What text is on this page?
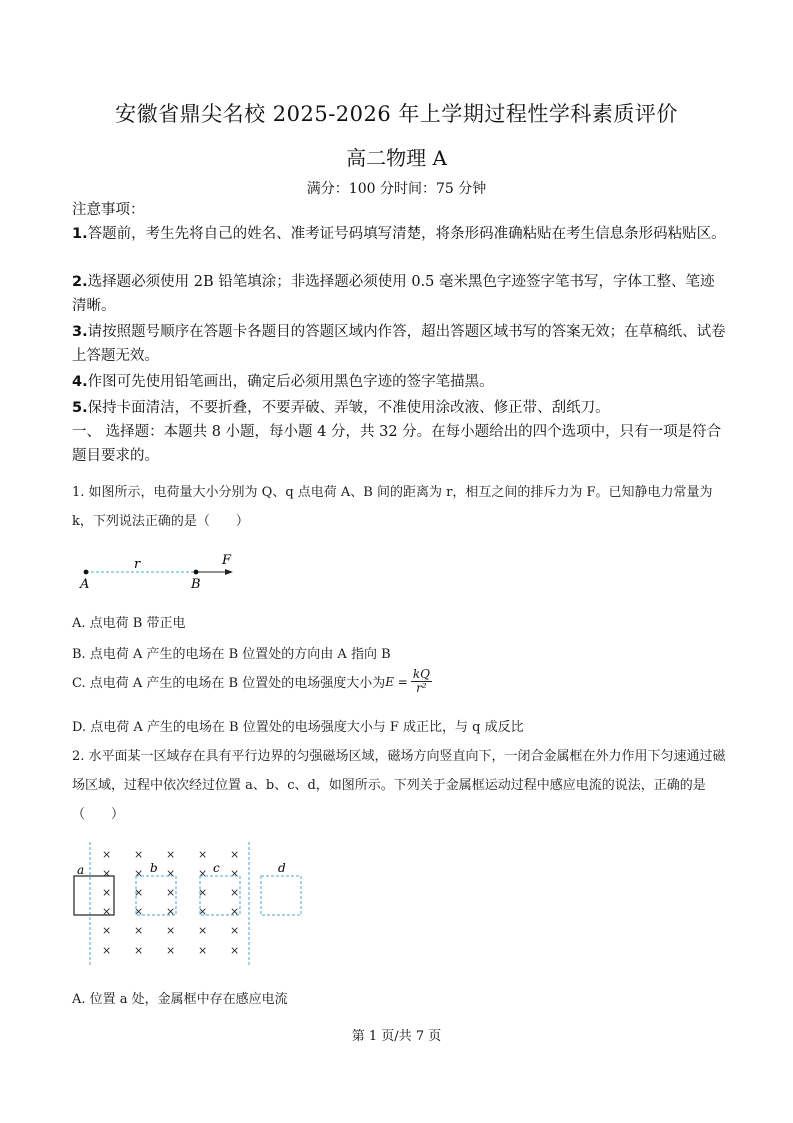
安徽省鼎尖名校 2025-2026 年上学期过程性学科素质评价
高二物理 A
满分：100 分时间：75 分钟
注意事项：
1.答题前，考生先将自己的姓名、准考证号码填写清楚，将条形码准确粘贴在考生信息条形码粘贴区。
2.选择题必须使用 2B 铅笔填涂；非选择题必须使用 0.5 毫米黑色字迹签字笔书写，字体工整、笔迹清晰。
3.请按照题号顺序在答题卡各题目的答题区域内作答，超出答题区域书写的答案无效；在草稿纸、试卷上答题无效。
4.作图可先使用铅笔画出，确定后必须用黑色字迹的签字笔描黑。
5.保持卡面清洁，不要折叠，不要弄破、弄皱，不准使用涂改液、修正带、刮纸刀。
一、 选择题：本题共 8 小题，每小题 4 分，共 32 分。在每小题给出的四个选项中，只有一项是符合题目要求的。
1. 如图所示，电荷量大小分别为 Q、q 点电荷 A、B 间的距离为 r，相互之间的排斥力为 F。已知静电力常量为 k，下列说法正确的是（　　）
A	B
r	F
A. 点电荷 B 带正电
B. 点电荷 A 产生的电场在 B 位置处的方向由 A 指向 B
C. 点电荷 A 产生的电场在 B 位置处的电场强度大小为 $E = \frac{kQ}{\text{r²}}$
D. 点电荷 A 产生的电场在 B 位置处的电场强度大小与 F 成正比，与 q 成反比
2. 水平面某一区域存在具有平行边界的匀强磁场区域，磁场方向竖直向下，一闭合金属框在外力作用下匀速通过磁场区域，过程中依次经过位置 a、b、c、d，如图所示。下列关于金属框运动过程中感应电流的说法，正确的是（　　）
× × × × ×
× × × × ×
× × × × ×
× × × × ×
× × × × ×
× × × × ×
a	b	c	d
A. 位置 a 处，金属框中存在感应电流
第 1 页/共 7 页
